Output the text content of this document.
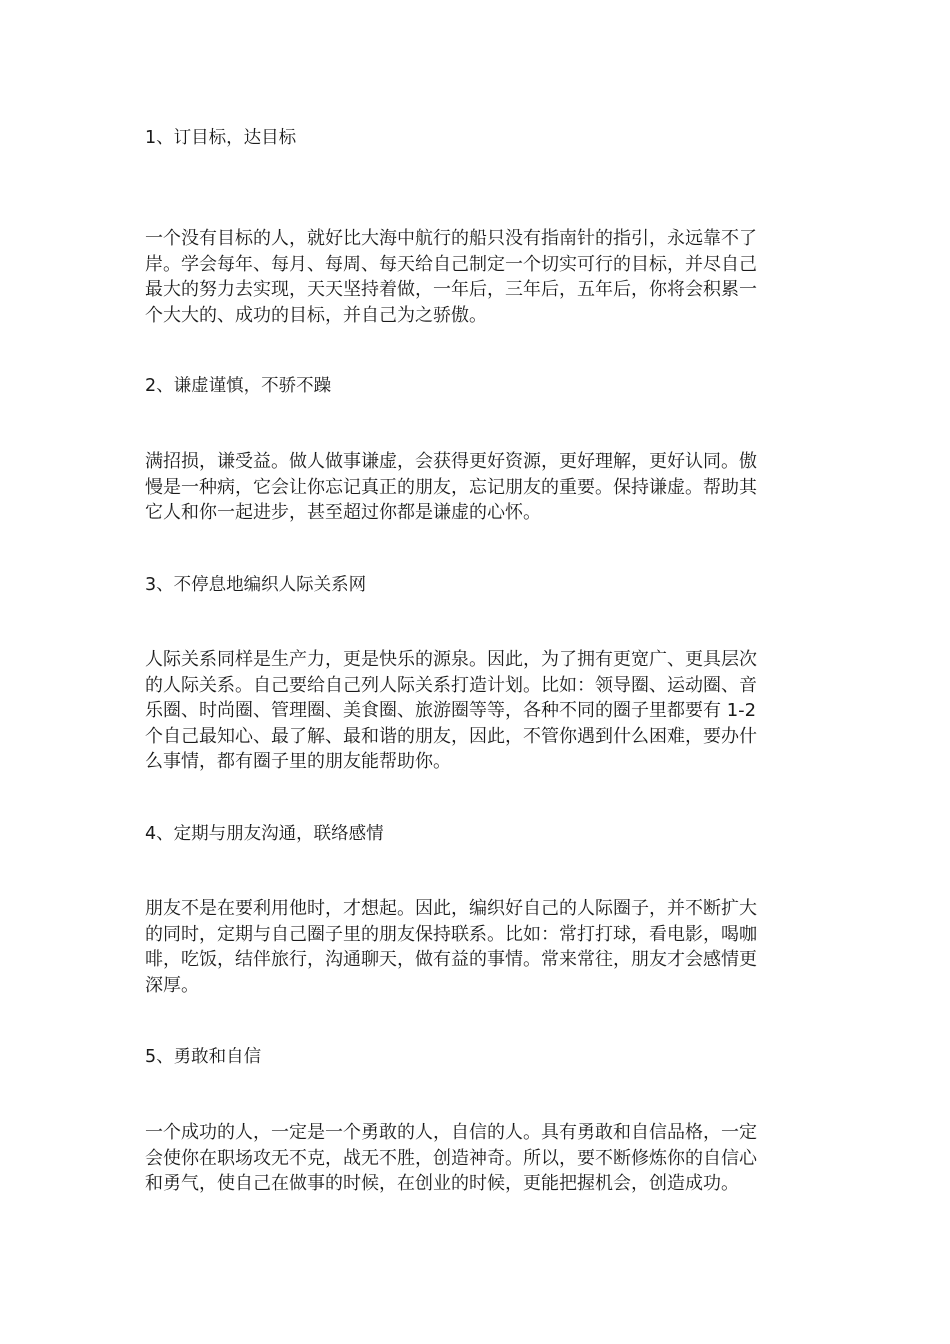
1、订目标，达目标

一个没有目标的人，就好比大海中航行的船只没有指南针的指引，永远靠不了
岸。学会每年、每月、每周、每天给自己制定一个切实可行的目标，并尽自己
最大的努力去实现，天天坚持着做，一年后，三年后，五年后，你将会积累一
个大大的、成功的目标，并自己为之骄傲。

2、谦虚谨慎，不骄不躁

满招损，谦受益。做人做事谦虚，会获得更好资源，更好理解，更好认同。傲
慢是一种病，它会让你忘记真正的朋友，忘记朋友的重要。保持谦虚。帮助其
它人和你一起进步，甚至超过你都是谦虚的心怀。

3、不停息地编织人际关系网

人际关系同样是生产力，更是快乐的源泉。因此，为了拥有更宽广、更具层次
的人际关系。自己要给自己列人际关系打造计划。比如：领导圈、运动圈、音
乐圈、时尚圈、管理圈、美食圈、旅游圈等等，各种不同的圈子里都要有 1-2
个自己最知心、最了解、最和谐的朋友，因此，不管你遇到什么困难，要办什
么事情，都有圈子里的朋友能帮助你。

4、定期与朋友沟通，联络感情

朋友不是在要利用他时，才想起。因此，编织好自己的人际圈子，并不断扩大
的同时，定期与自己圈子里的朋友保持联系。比如：常打打球，看电影，喝咖
啡，吃饭，结伴旅行，沟通聊天，做有益的事情。常来常往，朋友才会感情更
深厚。

5、勇敢和自信

一个成功的人，一定是一个勇敢的人，自信的人。具有勇敢和自信品格，一定
会使你在职场攻无不克，战无不胜，创造神奇。所以，要不断修炼你的自信心
和勇气，使自己在做事的时候，在创业的时候，更能把握机会，创造成功。
